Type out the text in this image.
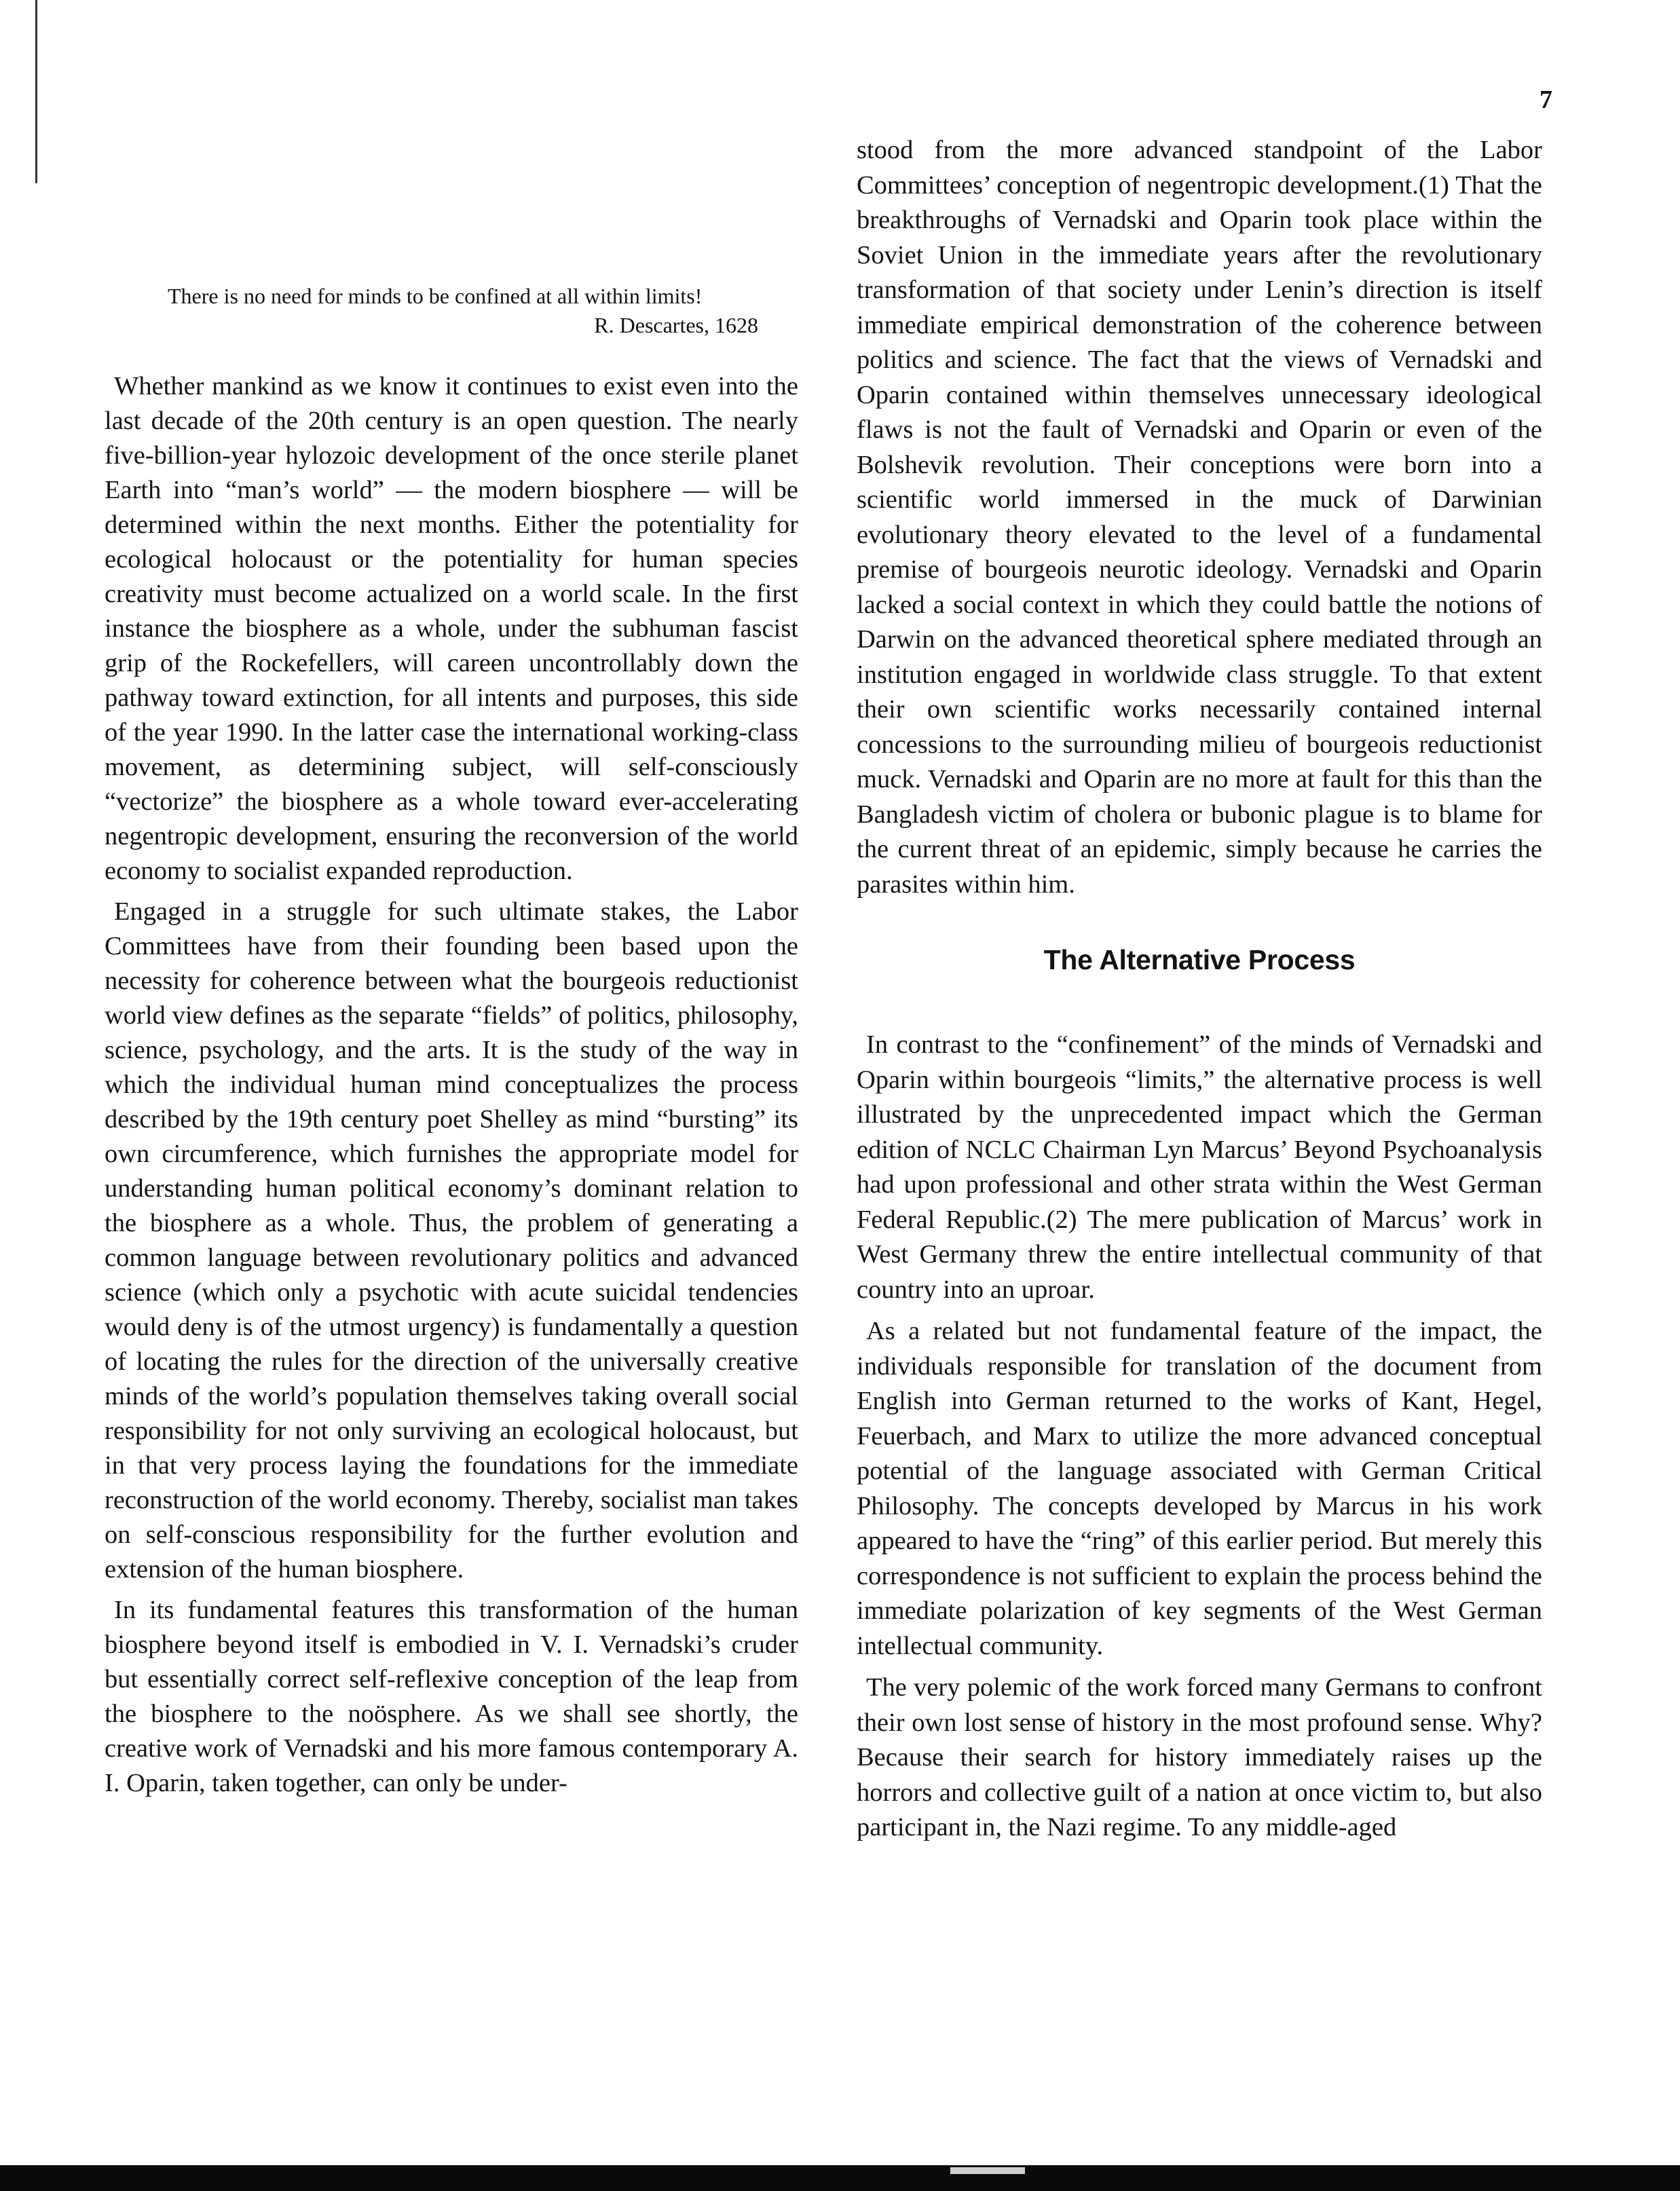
7

There is no need for minds to be confined at all within limits!

R. Descartes, 1628

Whether mankind as we know it continues to exist even into the last decade of the 20th century is an open question. The nearly five-billion-year hylozoic development of the once sterile planet Earth into “man’s world” — the modern biosphere — will be determined within the next months. Either the potentiality for ecological holocaust or the potentiality for human species creativity must become actualized on a world scale. In the first instance the biosphere as a whole, under the subhuman fascist grip of the Rockefellers, will careen uncontrollably down the pathway toward extinction, for all intents and purposes, this side of the year 1990. In the latter case the international working-class movement, as determining subject, will self-consciously “vectorize” the biosphere as a whole toward ever-accelerating negentropic development, ensuring the reconversion of the world economy to socialist expanded reproduction.

Engaged in a struggle for such ultimate stakes, the Labor Committees have from their founding been based upon the necessity for coherence between what the bourgeois reductionist world view defines as the separate “fields” of politics, philosophy, science, psychology, and the arts. It is the study of the way in which the individual human mind conceptualizes the process described by the 19th century poet Shelley as mind “bursting” its own circumference, which furnishes the appropriate model for understanding human political economy’s dominant relation to the biosphere as a whole. Thus, the problem of generating a common language between revolutionary politics and advanced science (which only a psychotic with acute suicidal tendencies would deny is of the utmost urgency) is fundamentally a question of locating the rules for the direction of the universally creative minds of the world’s population themselves taking overall social responsibility for not only surviving an ecological holocaust, but in that very process laying the foundations for the immediate reconstruction of the world economy. Thereby, socialist man takes on self-conscious responsibility for the further evolution and extension of the human biosphere.

In its fundamental features this transformation of the human biosphere beyond itself is embodied in V. I. Vernadski’s cruder but essentially correct self-reflexive conception of the leap from the biosphere to the noösphere. As we shall see shortly, the creative work of Vernadski and his more famous contemporary A. I. Oparin, taken together, can only be under-

stood from the more advanced standpoint of the Labor Committees’ conception of negentropic development.(1) That the breakthroughs of Vernadski and Oparin took place within the Soviet Union in the immediate years after the revolutionary transformation of that society under Lenin’s direction is itself immediate empirical demonstration of the coherence between politics and science. The fact that the views of Vernadski and Oparin contained within themselves unnecessary ideological flaws is not the fault of Vernadski and Oparin or even of the Bolshevik revolution. Their conceptions were born into a scientific world immersed in the muck of Darwinian evolutionary theory elevated to the level of a fundamental premise of bourgeois neurotic ideology. Vernadski and Oparin lacked a social context in which they could battle the notions of Darwin on the advanced theoretical sphere mediated through an institution engaged in worldwide class struggle. To that extent their own scientific works necessarily contained internal concessions to the surrounding milieu of bourgeois reductionist muck. Vernadski and Oparin are no more at fault for this than the Bangladesh victim of cholera or bubonic plague is to blame for the current threat of an epidemic, simply because he carries the parasites within him.

The Alternative Process

In contrast to the “confinement” of the minds of Vernadski and Oparin within bourgeois “limits,” the alternative process is well illustrated by the unprecedented impact which the German edition of NCLC Chairman Lyn Marcus’ Beyond Psychoanalysis had upon professional and other strata within the West German Federal Republic.(2) The mere publication of Marcus’ work in West Germany threw the entire intellectual community of that country into an uproar.

As a related but not fundamental feature of the impact, the individuals responsible for translation of the document from English into German returned to the works of Kant, Hegel, Feuerbach, and Marx to utilize the more advanced conceptual potential of the language associated with German Critical Philosophy. The concepts developed by Marcus in his work appeared to have the “ring” of this earlier period. But merely this correspondence is not sufficient to explain the process behind the immediate polarization of key segments of the West German intellectual community.

The very polemic of the work forced many Germans to confront their own lost sense of history in the most profound sense. Why? Because their search for history immediately raises up the horrors and collective guilt of a nation at once victim to, but also participant in, the Nazi regime. To any middle-aged
